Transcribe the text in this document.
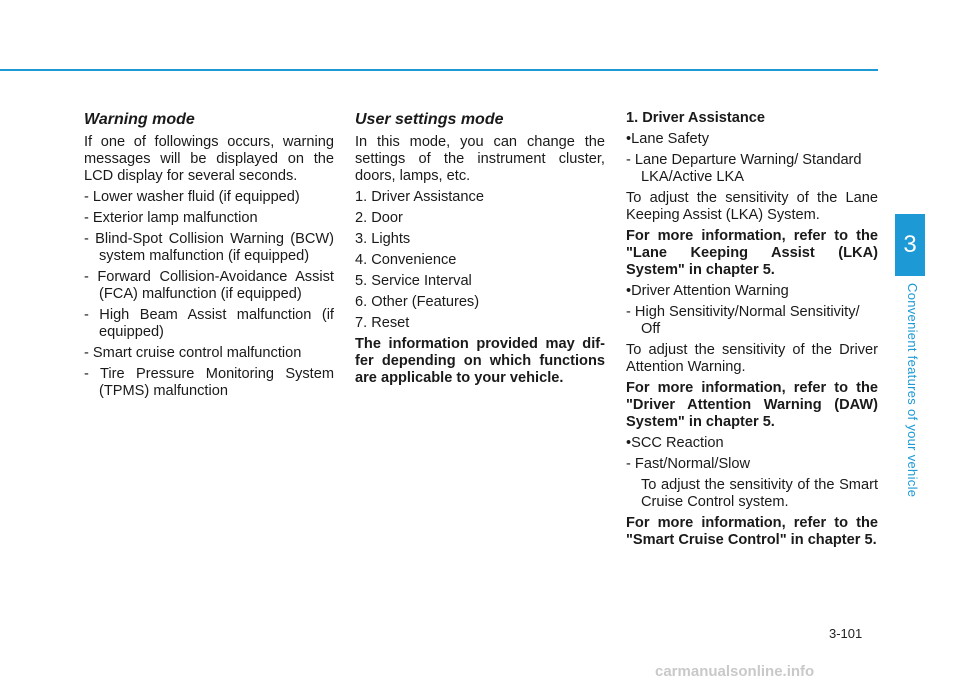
Warning mode

If one of followings occurs, warning messages will be displayed on the LCD display for several seconds.

- Lower washer fluid (if equipped)
- Exterior lamp malfunction
- Blind-Spot Collision Warning (BCW) system malfunction (if equipped)
- Forward Collision-Avoidance Assist (FCA) malfunction (if equipped)
- High Beam Assist malfunction (if equipped)
- Smart cruise control malfunction
- Tire Pressure Monitoring System (TPMS) malfunction

User settings mode

In this mode, you can change the settings of the instrument cluster, doors, lamps, etc.

1. Driver Assistance
2. Door
3. Lights
4. Convenience
5. Service Interval
6. Other (Features)
7. Reset

The information provided may dif- fer depending on which functions are applicable to your vehicle.

1. Driver Assistance

• Lane Safety
- Lane Departure Warning/ Standard LKA/Active LKA

To adjust the sensitivity of the Lane Keeping Assist (LKA) System.

For more information, refer to the "Lane Keeping Assist (LKA) System" in chapter 5.

• Driver Attention Warning
- High Sensitivity/Normal Sensitivity/ Off

To adjust the sensitivity of the Driver Attention Warning.

For more information, refer to the "Driver Attention Warning (DAW) System" in chapter 5.

• SCC Reaction
- Fast/Normal/Slow

To adjust the sensitivity of the Smart Cruise Control system.

For more information, refer to the "Smart Cruise Control" in chapter 5.

3
Convenient features of your vehicle
3-101
carmanualsonline.info
